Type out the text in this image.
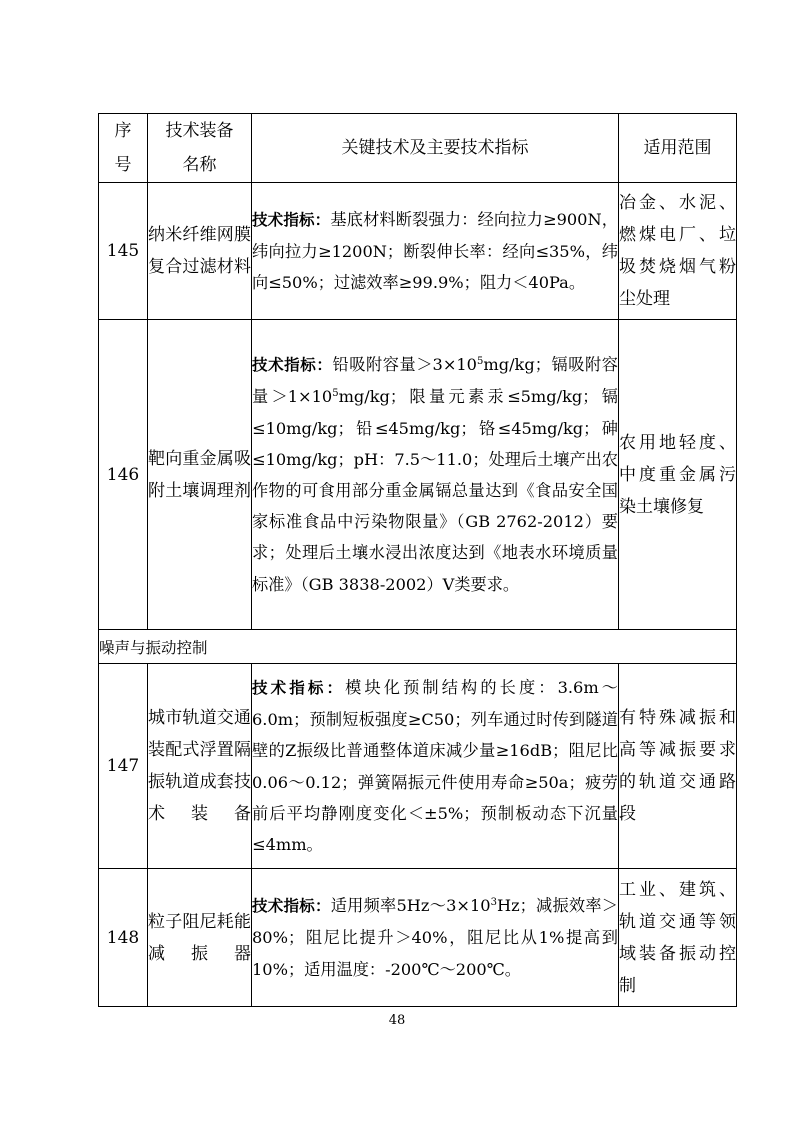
序号	技术装备名称	关键技术及主要技术指标	适用范围
145	纳米纤维网膜复合过滤材料	技术指标：基底材料断裂强力：经向拉力≥900N，纬向拉力≥1200N；断裂伸长率：经向≤35%，纬向≤50%；过滤效率≥99.9%；阻力＜40Pa。	冶金、水泥、燃煤电厂、垃圾焚烧烟气粉尘处理
146	靶向重金属吸附土壤调理剂	技术指标：铅吸附容量$>3\times 10^5mg/kg$；镉吸附容量$>1\times 10^5mg/kg$；限量元素汞≤5mg/kg；镉≤10mg/kg；铅≤45mg/kg；铬≤45mg/kg；砷≤10mg/kg；pH：7.5～11.0；处理后土壤产出农作物的可食用部分重金属镉总量达到《食品安全国家标准食品中污染物限量》（GB 2762-2012）要求；处理后土壤水浸出浓度达到《地表水环境质量标准》（GB 3838-2002）V类要求。	农用地轻度、中度重金属污染土壤修复
噪声与振动控制			
147	城市轨道交通装配式浮置隔振轨道成套技术装备	技术指标：模块化预制结构的长度：3.6m～6.0m；预制短板强度≥C50；列车通过时传到隧道壁的Z振级比普通整体道床减少量≥16dB；阻尼比0.06～0.12；弹簧隔振元件使用寿命≥50a；疲劳前后平均静刚度变化＜±5%；预制板动态下沉量≤4mm。	有特殊减振和高等减振要求的轨道交通路段
148	粒子阻尼耗能减振器	技术指标：适用频率$5Hz\sim 3\times 10^3Hz$；减振效率＞80%；阻尼比提升＞40%，阻尼比从1%提高到10%；适用温度：-200℃～200℃。	工业、建筑、轨道交通等领域装备振动控制
48
